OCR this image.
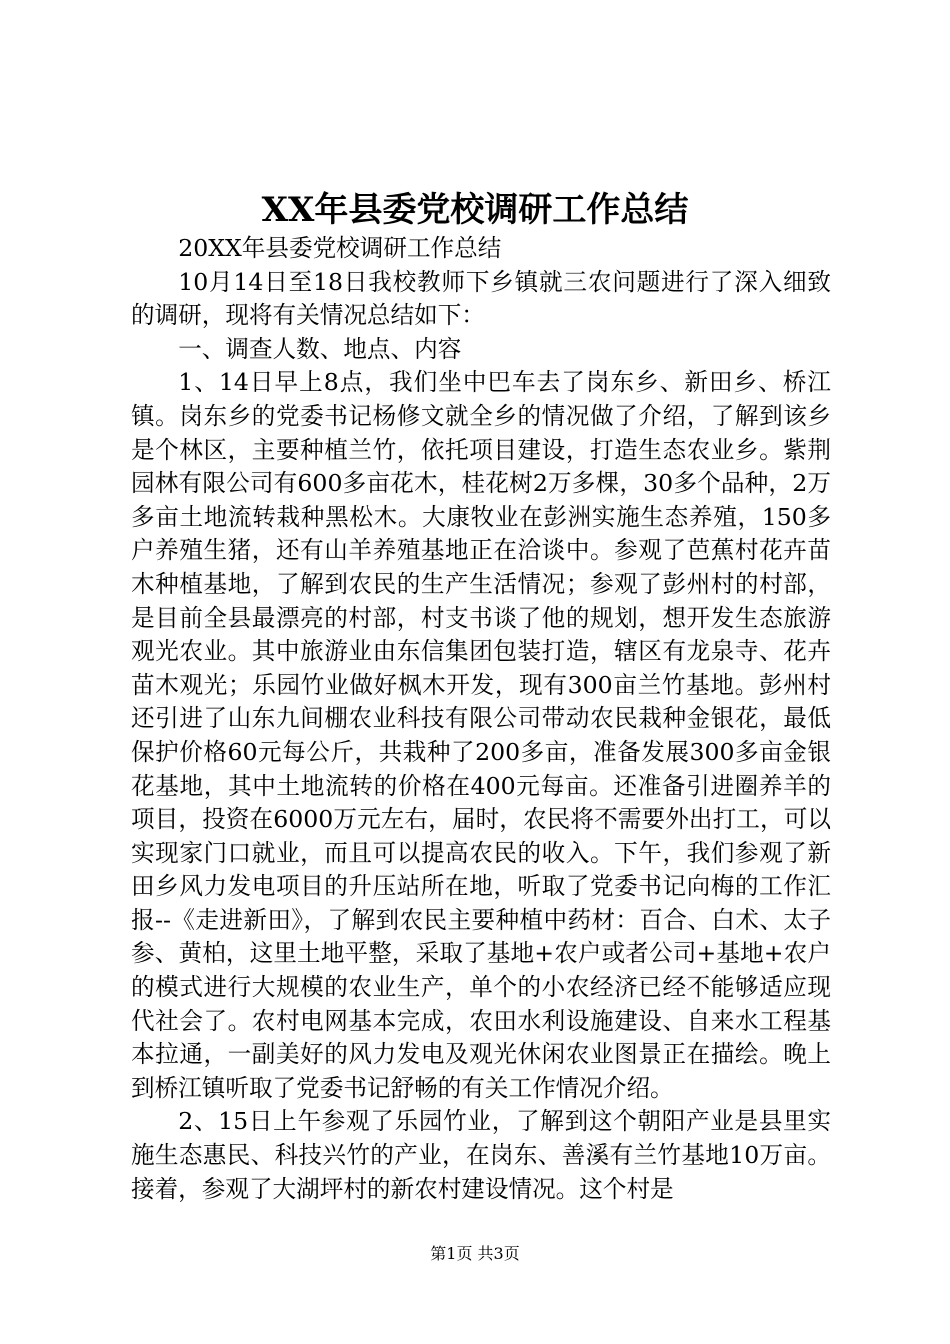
XX年县委党校调研工作总结

20XX年县委党校调研工作总结

10月14日至18日我校教师下乡镇就三农问题进行了深入细致的调研，现将有关情况总结如下：

一、调查人数、地点、内容

1、14日早上8点，我们坐中巴车去了岗东乡、新田乡、桥江镇。岗东乡的党委书记杨修文就全乡的情况做了介绍，了解到该乡是个林区，主要种植兰竹，依托项目建设，打造生态农业乡。紫荆园林有限公司有600多亩花木，桂花树2万多棵，30多个品种，2万多亩土地流转栽种黑松木。大康牧业在彭洲实施生态养殖，150多户养殖生猪，还有山羊养殖基地正在洽谈中。参观了芭蕉村花卉苗木种植基地，了解到农民的生产生活情况；参观了彭州村的村部，是目前全县最漂亮的村部，村支书谈了他的规划，想开发生态旅游观光农业。其中旅游业由东信集团包装打造，辖区有龙泉寺、花卉苗木观光；乐园竹业做好枫木开发，现有300亩兰竹基地。彭州村还引进了山东九间棚农业科技有限公司带动农民栽种金银花，最低保护价格60元每公斤，共栽种了200多亩，准备发展300多亩金银花基地，其中土地流转的价格在400元每亩。还准备引进圈养羊的项目，投资在6000万元左右，届时，农民将不需要外出打工，可以实现家门口就业，而且可以提高农民的收入。下午，我们参观了新田乡风力发电项目的升压站所在地，听取了党委书记向梅的工作汇报--《走进新田》，了解到农民主要种植中药材：百合、白术、太子参、黄柏，这里土地平整，采取了基地+农户或者公司+基地+农户的模式进行大规模的农业生产，单个的小农经济已经不能够适应现代社会了。农村电网基本完成，农田水利设施建设、自来水工程基本拉通，一副美好的风力发电及观光休闲农业图景正在描绘。晚上到桥江镇听取了党委书记舒畅的有关工作情况介绍。

2、15日上午参观了乐园竹业，了解到这个朝阳产业是县里实施生态惠民、科技兴竹的产业，在岗东、善溪有兰竹基地10万亩。接着，参观了大湖坪村的新农村建设情况。这个村是

第1页 共3页
